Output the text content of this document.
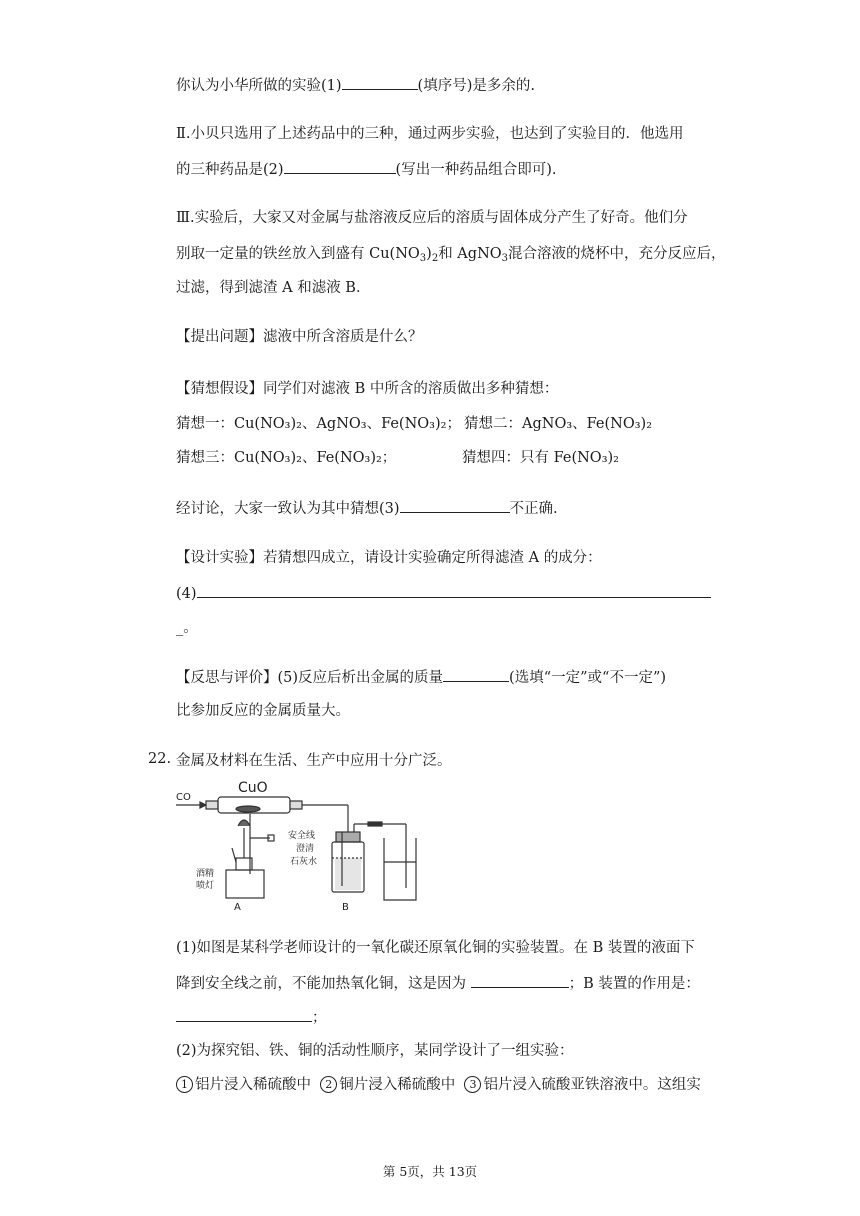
你认为小华所做的实验(1)	(填序号)是多余的.
Ⅱ.小贝只选用了上述药品中的三种，通过两步实验，也达到了实验目的．他选用
的三种药品是(2)	(写出一种药品组合即可).
Ⅲ.实验后，大家又对金属与盐溶液反应后的溶质与固体成分产生了好奇。他们分
别取一定量的铁丝放入到盛有 $Cu(NO_3)_2$和 AgNO$_3$混合溶液的烧杯中，充分反应后，
过滤，得到滤渣 A 和滤液 B．
【提出问题】滤液中所含溶质是什么？
【猜想假设】同学们对滤液 B 中所含的溶质做出多种猜想：
猜想一：Cu(NO₃)₂、AgNO₃、Fe(NO₃)₂； 猜想二：AgNO₃、Fe(NO₃)₂
猜想三：Cu(NO₃)₂、Fe(NO₃)₂；	猜想四：只有 Fe(NO₃)₂
经讨论，大家一致认为其中猜想(3)	不正确.
【设计实验】若猜想四成立，请设计实验确定所得滤渣 A 的成分：
(4)
_。
【反思与评价】(5)反应后析出金属的质量	(选填“一定”或“不一定”)
比参加反应的金属质量大。
22. 金属及材料在生活、生产中应用十分广泛。
CO
CuO
安全线
澄清
石灰水
酒精
喷灯
A	B
(1)如图是某科学老师设计的一氧化碳还原氧化铜的实验装置。在 B 装置的液面下
降到安全线之前，不能加热氧化铜，这是因为	；B 装置的作用是：
；
(2)为探究铝、铁、铜的活动性顺序，某同学设计了一组实验：
1 铝片浸入稀硫酸中 2 铜片浸入稀硫酸中 3 铝片浸入硫酸亚铁溶液中。这组实
第 5页，共 13页
